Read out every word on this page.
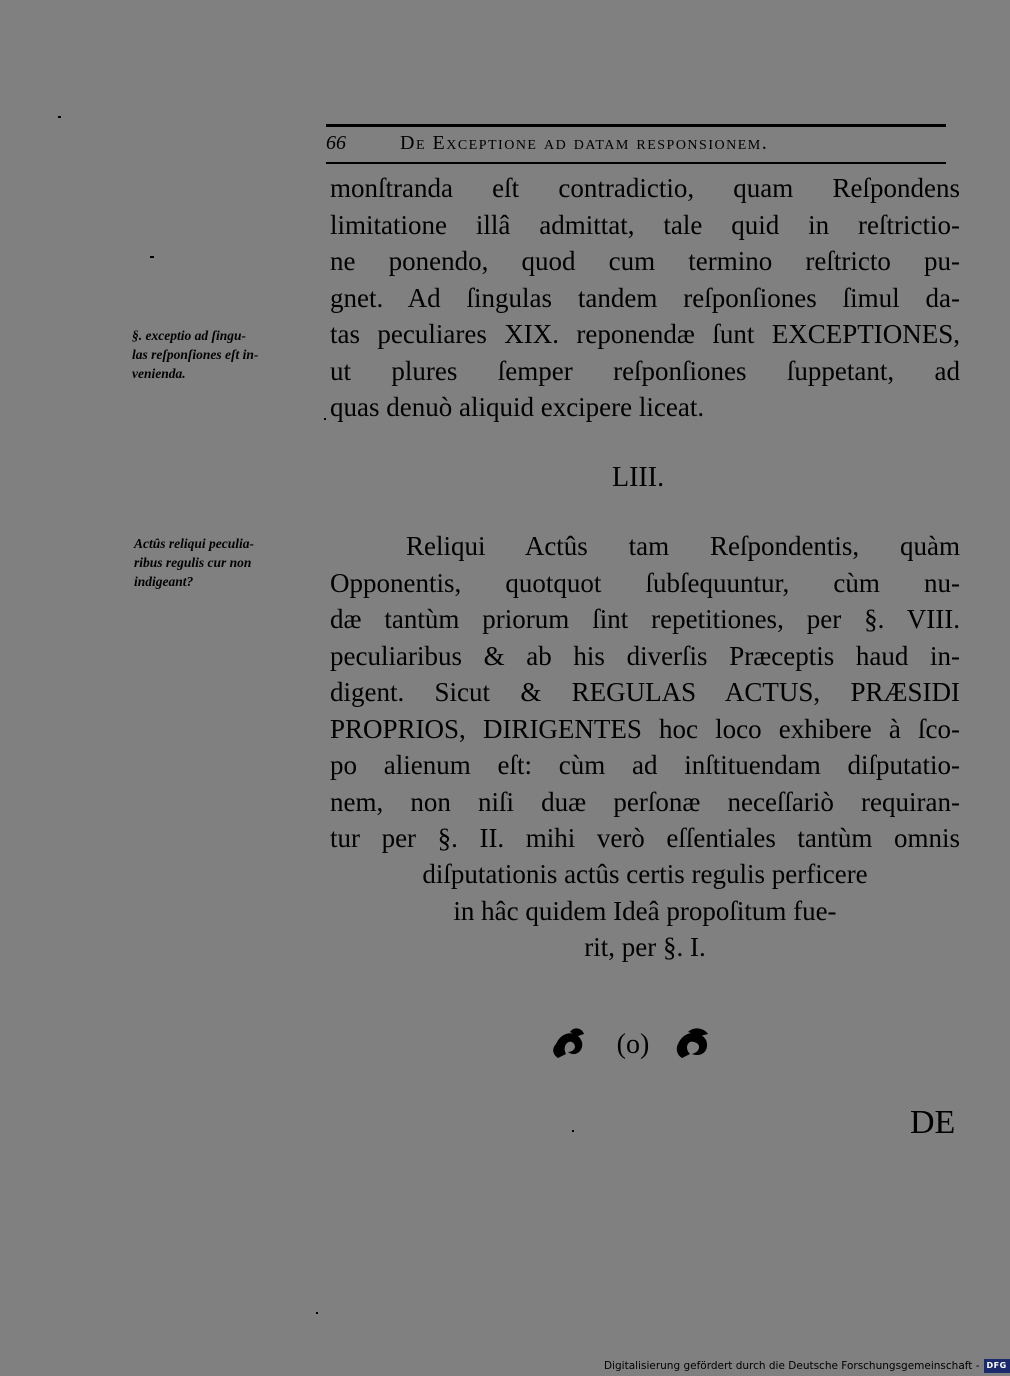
66	De Exceptione ad datam responsionem.
monſtranda eſt contradictio, quam Reſpondens
limitatione illâ admittat, tale quid in reſtrictio-
ne ponendo, quod cum termino reſtricto pu-
gnet. Ad ſingulas tandem reſponſiones ſimul da-
tas peculiares XIX. reponendæ ſunt EXCEPTIONES,
ut plures ſemper reſponſiones ſuppetant, ad
quas denuò aliquid excipere liceat.
§. exceptio ad ſingu-
las reſponſiones eſt in-
venienda.
LIII.
Actûs reliqui peculia-
ribus regulis cur non
indigeant?
Reliqui Actûs tam Reſpondentis, quàm
Opponentis, quotquot ſubſequuntur, cùm nu-
dæ tantùm priorum ſint repetitiones, per §. VIII.
peculiaribus & ab his diverſis Præceptis haud in-
digent. Sicut & REGULAS ACTUS, PRÆSIDI
PROPRIOS, DIRIGENTES hoc loco exhibere à ſco-
po alienum eſt: cùm ad inſtituendam diſputatio-
nem, non niſi duæ perſonæ neceſſariò requiran-
tur per §. II. mihi verò eſſentiales tantùm omnis
diſputationis actûs certis regulis perficere
in hâc quidem Ideâ propoſitum fue-
rit, per §. I.
(o)
DE
Digitalisierung gefördert durch die Deutsche Forschungsgemeinschaft - DFG
